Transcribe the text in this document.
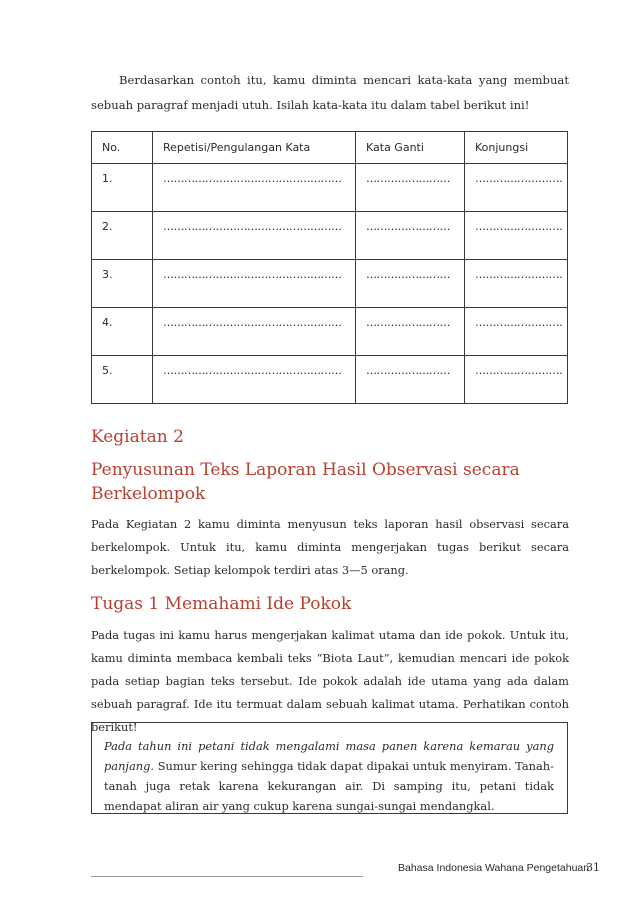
Berdasarkan contoh itu, kamu diminta mencari kata-kata yang membuat sebuah paragraf menjadi utuh. Isilah kata-kata itu dalam tabel berikut ini!

No.	Repetisi/Pengulangan Kata	Kata Ganti	Konjungsi
1.	……………………………………………	……………………	…………………….
2.	……………………………………………	……………………	…………………….
3.	……………………………………………	……………………	…………………….
4.	……………………………………………	……………………	…………………….
5.	……………………………………………	……………………	…………………….
Kegiatan 2
Penyusunan Teks Laporan Hasil Observasi secara Berkelompok

Pada Kegiatan 2 kamu diminta menyusun teks laporan hasil observasi secara berkelompok. Untuk itu, kamu diminta mengerjakan tugas berikut secara berkelompok. Setiap kelompok terdiri atas 3—5 orang.

Tugas 1 Memahami Ide Pokok

Pada tugas ini kamu harus mengerjakan kalimat utama dan ide pokok. Untuk itu, kamu diminta membaca kembali teks “Biota Laut”, kemudian mencari ide pokok pada setiap bagian teks tersebut. Ide pokok adalah ide utama yang ada dalam sebuah paragraf. Ide itu termuat dalam sebuah kalimat utama. Perhatikan contoh berikut!

Pada tahun ini petani tidak mengalami masa panen karena kemarau yang panjang. Sumur kering sehingga tidak dapat dipakai untuk menyiram. Tanah-tanah juga retak karena kekurangan air. Di samping itu, petani tidak mendapat aliran air yang cukup karena sungai-sungai mendangkal.

Bahasa Indonesia Wahana Pengetahuan
31
